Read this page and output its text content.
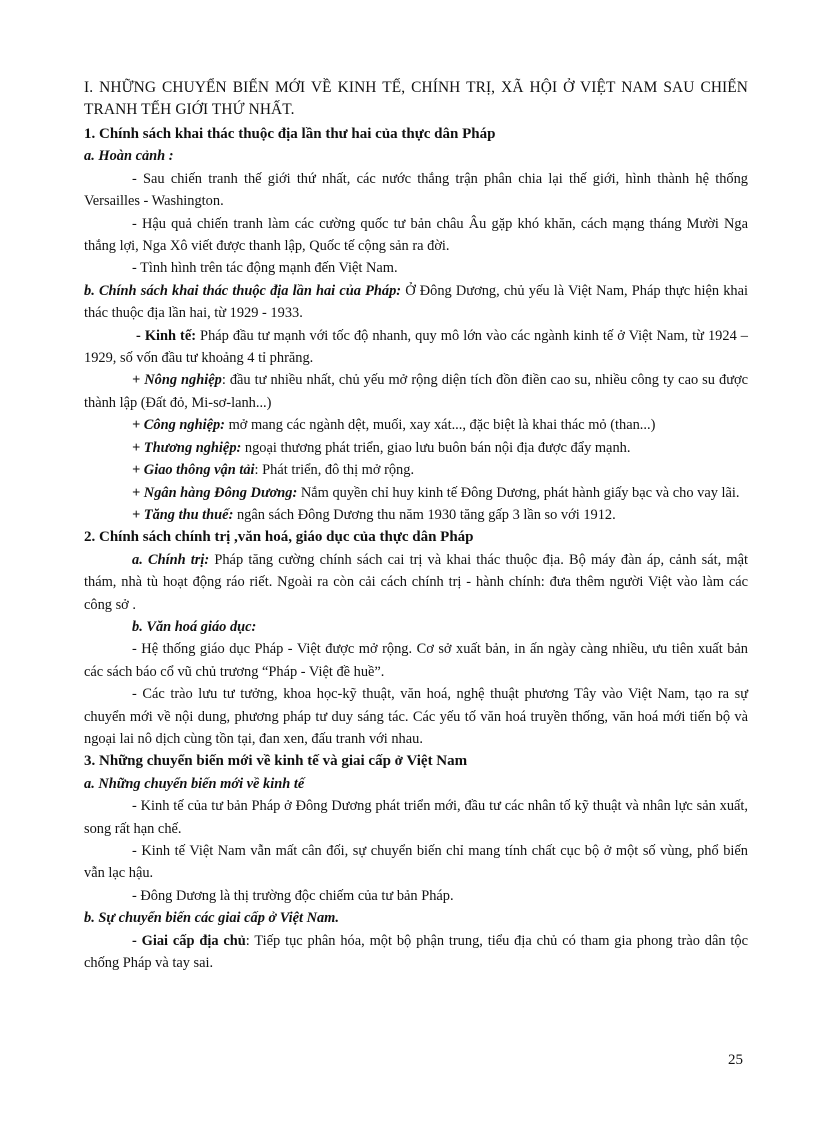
I. NHỮNG CHUYỂN BIẾN MỚI VỀ KINH TẾ, CHÍNH TRỊ, XÃ HỘI Ở VIỆT NAM SAU CHIẾN TRANH TẾH GIỚI THỨ NHẤT.

1. Chính sách khai thác thuộc địa lần thư hai của thực dân Pháp

a. Hoàn cảnh :

- Sau chiến tranh thế giới thứ nhất, các nước thắng trận phân chia lại thế giới, hình thành hệ thống Versailles - Washington.

- Hậu quả chiến tranh làm các cường quốc tư bản châu Âu gặp khó khăn, cách mạng tháng Mười Nga thắng lợi, Nga Xô viết được thanh lập, Quốc tế cộng sản ra đời.

- Tình hình trên tác động mạnh đến Việt Nam.

b. Chính sách khai thác thuộc địa lần hai của Pháp: Ở Đông Dương, chủ yếu là Việt Nam, Pháp thực hiện khai thác thuộc địa lần hai, từ 1929 - 1933.

- Kinh tế: Pháp đầu tư mạnh với tốc độ nhanh, quy mô lớn vào các ngành kinh tế ở Việt Nam, từ 1924 – 1929, số vốn đầu tư khoảng 4 tỉ phrăng.

+ Nông nghiệp: đầu tư nhiều nhất, chủ yếu mở rộng diện tích đồn điền cao su, nhiều công ty cao su được thành lập (Đất đỏ, Mi-sơ-lanh...)

+ Công nghiệp: mở mang các ngành dệt, muối, xay xát..., đặc biệt là khai thác mỏ (than...)

+ Thương nghiệp: ngoại thương phát triển, giao lưu buôn bán nội địa được đẩy mạnh.

+ Giao thông vận tải: Phát triển, đô thị mở rộng.

+ Ngân hàng Đông Dương: Nắm quyền chỉ huy kinh tế Đông Dương, phát hành giấy bạc và cho vay lãi.

+ Tăng thu thuế: ngân sách Đông Dương thu năm 1930 tăng gấp 3 lần so với 1912.

2. Chính sách chính trị ,văn hoá, giáo dục của thực dân Pháp

a. Chính trị: Pháp tăng cường chính sách cai trị và khai thác thuộc địa. Bộ máy đàn áp, cảnh sát, mật thám, nhà tù hoạt động ráo riết. Ngoài ra còn cải cách chính trị - hành chính: đưa thêm người Việt vào làm các công sở .

b. Văn hoá giáo dục:

- Hệ thống giáo dục Pháp - Việt được mở rộng. Cơ sở xuất bản, in ấn ngày càng nhiều, ưu tiên xuất bản các sách báo cổ vũ chủ trương “Pháp - Việt đề huề”.

- Các trào lưu tư tưởng, khoa học-kỹ thuật, văn hoá, nghệ thuật phương Tây vào Việt Nam, tạo ra sự chuyển mới về nội dung, phương pháp tư duy sáng tác. Các yếu tố văn hoá truyền thống, văn hoá mới tiến bộ và ngoại lai nô dịch cùng tồn tại, đan xen, đấu tranh với nhau.

3. Những chuyển biến mới về kinh tế và giai cấp ở Việt Nam

a. Những chuyển biến mới về kinh tế

- Kinh tế của tư bản Pháp ở Đông Dương phát triển mới, đầu tư các nhân tố kỹ thuật và nhân lực sản xuất, song rất hạn chế.

- Kinh tế Việt Nam vẫn mất cân đối, sự chuyển biến chỉ mang tính chất cục bộ ở một số vùng, phổ biến vẫn lạc hậu.

- Đông Dương là thị trường độc chiếm của tư bản Pháp.

b. Sự chuyển biến các giai cấp ở Việt Nam.

- Giai cấp địa chủ: Tiếp tục phân hóa, một bộ phận trung, tiểu địa chủ có tham gia phong trào dân tộc chống Pháp và tay sai.

25
